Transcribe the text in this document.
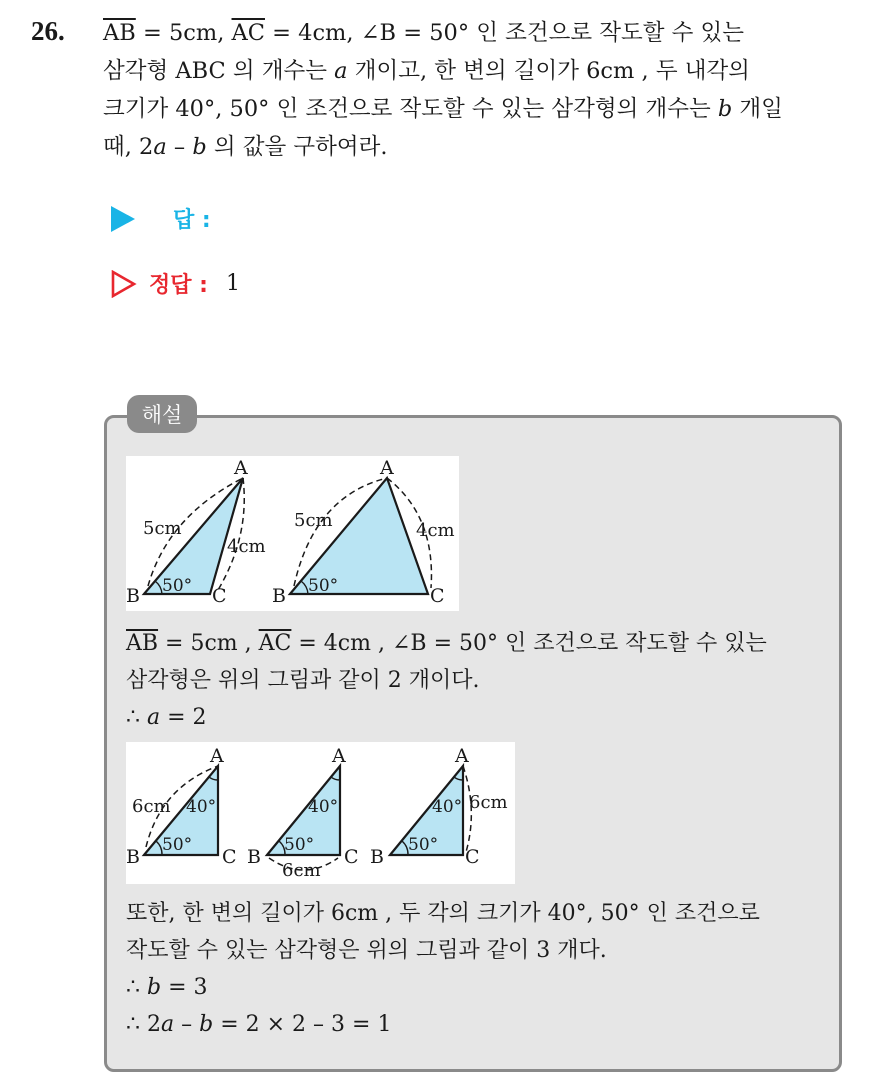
26. $\overline{AB} = 5cm$, $\overline{AC} = 4cm$, ∠B = 50° 인 조건으로 작도할 수 있는
삼각형 ABC 의 개수는 a 개이고, 한 변의 길이가 6cm , 두 내각의
크기가 40°, 50° 인 조건으로 작도할 수 있는 삼각형의 개수는 b 개일
때, 2a – b 의 값을 구하여라.
답 :
정답 : 1
해설
A
B	C
5cm
4cm
50°
A
B	C
5cm	4cm
50°
$\overline{AB} = 5cm$ , $\overline{AC} = 4cm$ , ∠B = 50° 인 조건으로 작도할 수 있는
삼각형은 위의 그림과 같이 2 개이다.
∴ a = 2
A
B	C
6cm 40°
50°
A
B	C
6cm
40°
50°
A
B	C
6cm
40°
50°
또한, 한 변의 길이가 6cm , 두 각의 크기가 40°, 50° 인 조건으로
작도할 수 있는 삼각형은 위의 그림과 같이 3 개다.
∴ b = 3
∴ 2a – b = 2 × 2 – 3 = 1
